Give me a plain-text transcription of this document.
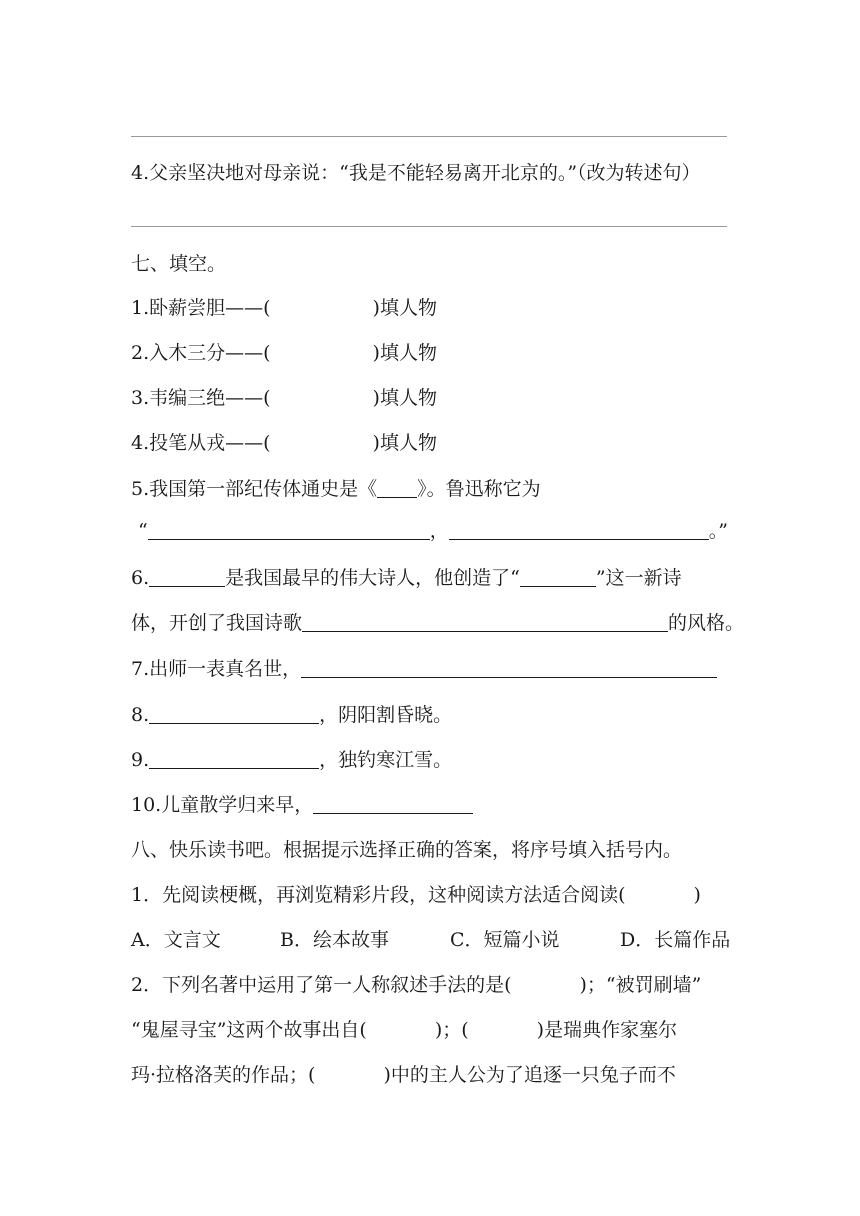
4.父亲坚决地对母亲说：“我是不能轻易离开北京的。”（改为转述句）
七、填空。
1.卧薪尝胆——(	)填人物
2.入木三分——(	)填人物
3.韦编三绝——(	)填人物
4.投笔从戎——(	)填人物
5.我国第一部纪传体通史是《 》。鲁迅称它为
“	，	。”
6.	是我国最早的伟大诗人，他创造了“	”这一新诗
体，开创了我国诗歌	的风格。
7.出师一表真名世，
8.	，阴阳割昏晓。
9.	，独钓寒江雪。
10.儿童散学归来早，
八、快乐读书吧。根据提示选择正确的答案，将序号填入括号内。
1．先阅读梗概，再浏览精彩片段，这种阅读方法适合阅读(	)
A．文言文	B．绘本故事	C．短篇小说	D．长篇作品
2．下列名著中运用了第一人称叙述手法的是(	)；“被罚刷墙”
“鬼屋寻宝”这两个故事出自(	)；(	)是瑞典作家塞尔
玛·拉格洛芙的作品；(	)中的主人公为了追逐一只兔子而不
